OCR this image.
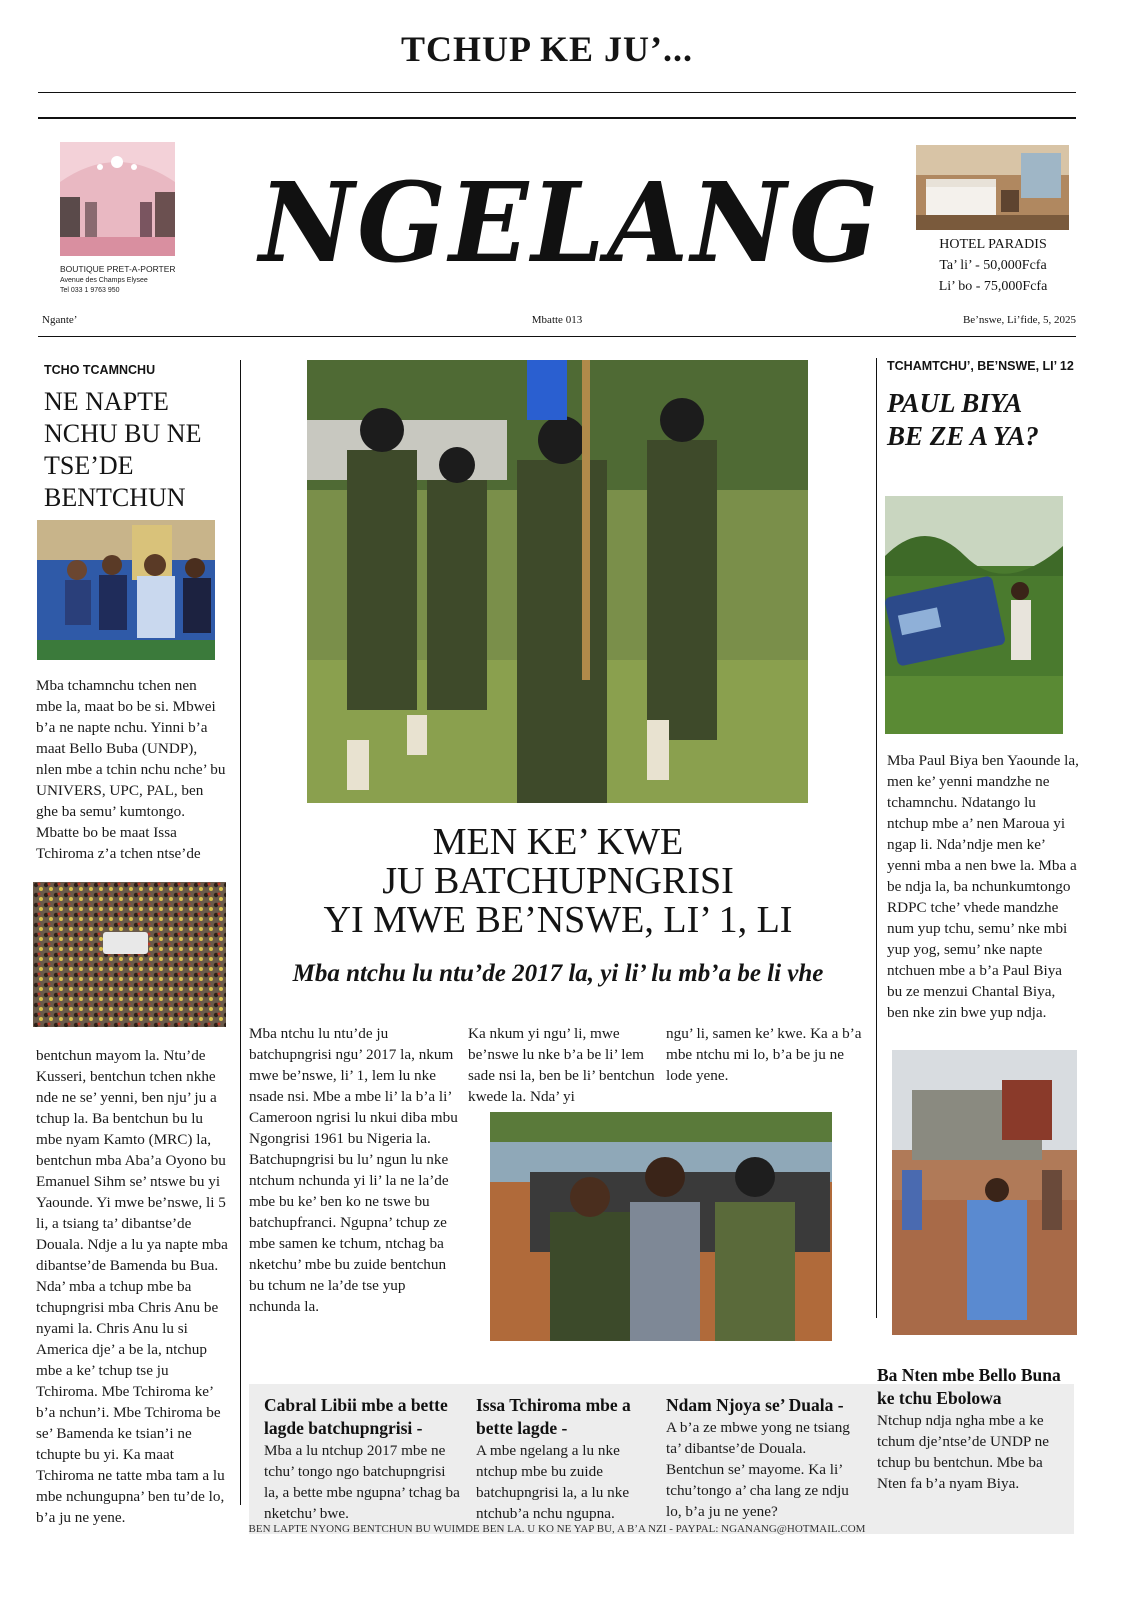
TCHUP KE JU’...
BOUTIQUE PRET-A-PORTER
Avenue des Champs Elysee
Tel 033 1 9763 950
NGELANG	HOTEL PARADIS
Ta’ li’ - 50,000Fcfa
Li’ bo - 75,000Fcfa
Ngante’	Mbatte 013	Be’nswe, Li’fide, 5, 2025
TCHO TCAMNCHU
NE NAPTE NCHU BU NE TSE’DE BENTCHUN
Mba tchamnchu tchen nen mbe la, maat bo be si. Mbwei b’a ne napte nchu. Yinni b’a maat Bello Buba (UNDP), nlen mbe a tchin nchu nche’ bu UNIVERS, UPC, PAL, ben ghe ba semu’ kumtongo. Mbatte bo be maat Issa Tchiroma z’a tchen ntse’de
bentchun mayom la. Ntu’de Kusseri, bentchun tchen nkhe nde ne se’ yenni, ben nju’ ju a tchup la. Ba bentchun bu lu mbe nyam Kamto (MRC) la, bentchun mba Aba’a Oyono bu Emanuel Sihm se’ ntswe bu yi Yaounde. Yi mwe be’nswe, li 5 li, a tsiang ta’ dibantse’de Douala. Ndje a lu ya napte mba dibantse’de Bamenda bu Bua. Nda’ mba a tchup mbe ba tchupngrisi mba Chris Anu be nyami la. Chris Anu lu si America dje’ a be la, ntchup mbe a ke’ tchup tse ju Tchiroma. Mbe Tchiroma ke’ b’a nchun’i. Mbe Tchiroma be se’ Bamenda ke tsian’i ne tchupte bu yi. Ka maat Tchiroma ne tatte mba tam a lu mbe nchungupna’ ben tu’de lo, b’a ju ne yene.
MEN KE’ KWE
JU BATCHUPNGRISI
YI MWE BE’NSWE, LI’ 1, LI
Mba ntchu lu ntu’de 2017 la, yi li’ lu mb’a be li vhe
Mba ntchu lu ntu’de ju batchupngrisi ngu’ 2017 la, nkum mwe be’nswe, li’ 1, lem lu nke nsade nsi. Mbe a mbe li’ la b’a li’ Cameroon ngrisi lu nkui diba mbu Ngongrisi 1961 bu Nigeria la. Batchupngrisi bu lu’ ngun lu nke ntchum nchunda yi li’ la ne la’de mbe bu ke’ ben ko ne tswe bu batchupfranci. Ngupna’ tchup ze mbe samen ke tchum, ntchag ba nketchu’ mbe bu zuide bentchun bu tchum ne la’de tse yup nchunda la.
Ka nkum yi ngu’ li, mwe be’nswe lu nke b’a be li’ lem sade nsi la, ben be li’ bentchun kwede la. Nda’ yi
ngu’ li, samen ke’ kwe. Ka a b’a mbe ntchu mi lo, b’a be ju ne lode yene.
TCHAMTCHU’, BE’NSWE, LI’ 12
PAUL BIYA BE ZE A YA?
Mba Paul Biya ben Yaounde la, men ke’ yenni mandzhe ne tchamnchu. Ndatango lu ntchup mbe a’ nen Maroua yi ngap li. Nda’ndje men ke’ yenni mba a nen bwe la. Mba a be ndja la, ba nchunkumtongo RDPC tche’ vhede mandzhe num yup tchu, semu’ nke mbi yup yog, semu’ nke napte ntchuen mbe a b’a Paul Biya bu ze menzui Chantal Biya, ben nke zin bwe yup ndja.
Cabral Libii mbe a bette lagde batchupngrisi -

Mba a lu ntchup 2017 mbe ne tchu’ tongo ngo batchupngrisi la, a bette mbe ngupna’ tchag ba nketchu’ bwe.

Issa Tchiroma mbe a bette lagde -

A mbe ngelang a lu nke ntchup mbe bu zuide batchupngrisi la, a lu nke ntchub’a nchu ngupna.

Ndam Njoya se’ Duala -

A b’a ze mbwe yong ne tsiang ta’ dibantse’de Douala. Bentchun se’ mayome. Ka li’ tchu’tongo a’ cha lang ze ndju lo, b’a ju ne yene?

Ba Nten mbe Bello Buna ke tchu Ebolowa

Ntchup ndja ngha mbe a ke tchum dje’ntse’de UNDP ne tchup bu bentchun. Mbe ba Nten fa b’a nyam Biya.

BEN LAPTE NYONG BENTCHUN BU WUIMDE BEN LA. U KO NE YAP BU, A B’A NZI - PAYPAL: NGANANG@HOTMAIL.COM
